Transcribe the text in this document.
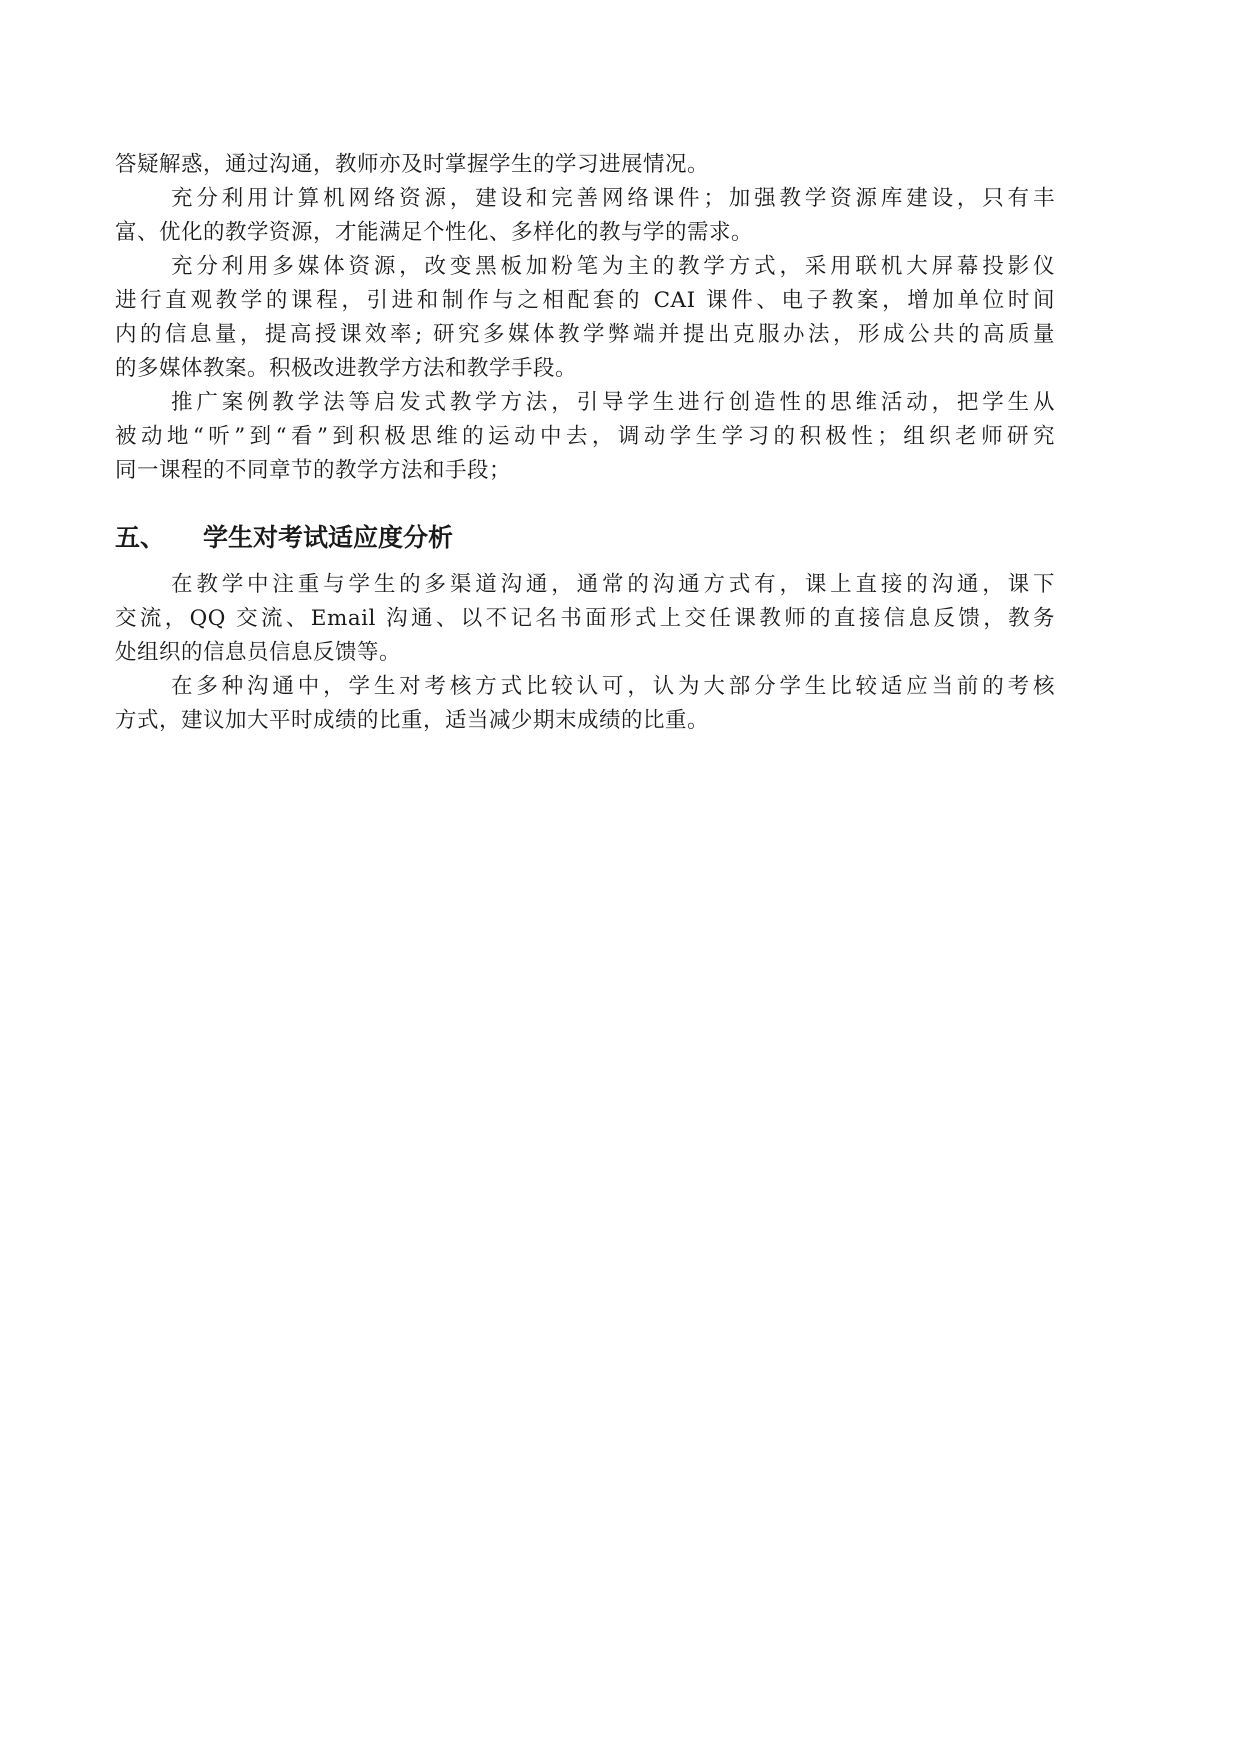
答疑解惑，通过沟通，教师亦及时掌握学生的学习进展情况。
充分利用计算机网络资源，建设和完善网络课件；加强教学资源库建设，只有丰
富、优化的教学资源，才能满足个性化、多样化的教与学的需求。
充分利用多媒体资源，改变黑板加粉笔为主的教学方式，采用联机大屏幕投影仪
进行直观教学的课程，引进和制作与之相配套的 CAI 课件、电子教案，增加单位时间
内的信息量，提高授课效率; 研究多媒体教学弊端并提出克服办法，形成公共的高质量
的多媒体教案。积极改进教学方法和教学手段。
推广案例教学法等启发式教学方法，引导学生进行创造性的思维活动，把学生从
被动地“听”到“看”到积极思维的运动中去，调动学生学习的积极性；组织老师研究
同一课程的不同章节的教学方法和手段；
五、 学生对考试适应度分析
在教学中注重与学生的多渠道沟通，通常的沟通方式有，课上直接的沟通，课下
交流，QQ 交流、Email 沟通、以不记名书面形式上交任课教师的直接信息反馈，教务
处组织的信息员信息反馈等。
在多种沟通中，学生对考核方式比较认可，认为大部分学生比较适应当前的考核
方式，建议加大平时成绩的比重，适当减少期末成绩的比重。
